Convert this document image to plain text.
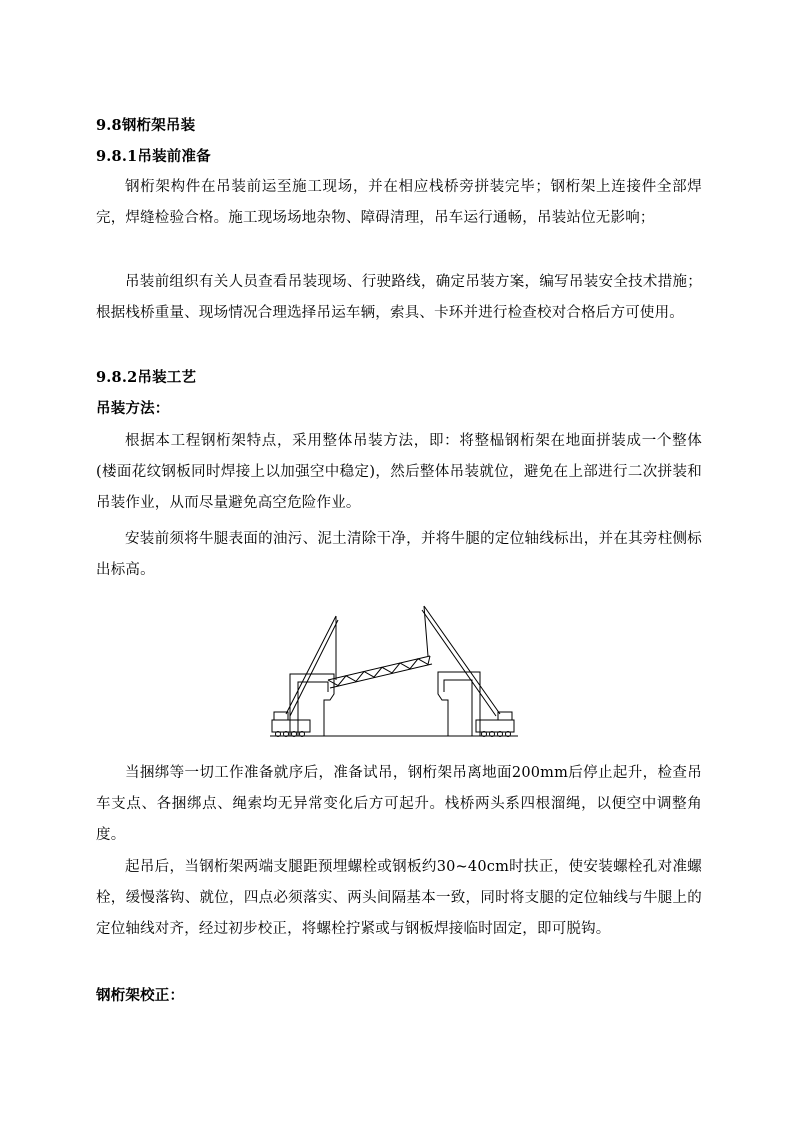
9.8钢桁架吊装
9.8.1吊装前准备
钢桁架构件在吊装前运至施工现场，并在相应栈桥旁拼装完毕；钢桁架上连接件全部焊完，焊缝检验合格。施工现场场地杂物、障碍清理，吊车运行通畅，吊装站位无影响；
吊装前组织有关人员查看吊装现场、行驶路线，确定吊装方案，编写吊装安全技术措施；根据栈桥重量、现场情况合理选择吊运车辆，索具、卡环并进行检查校对合格后方可使用。
9.8.2吊装工艺
吊装方法：
根据本工程钢桁架特点，采用整体吊装方法，即：将整榀钢桁架在地面拼装成一个整体(楼面花纹钢板同时焊接上以加强空中稳定)，然后整体吊装就位，避免在上部进行二次拼装和吊装作业，从而尽量避免高空危险作业。
安装前须将牛腿表面的油污、泥土清除干净，并将牛腿的定位轴线标出，并在其旁柱侧标出标高。
当捆绑等一切工作准备就序后，准备试吊，钢桁架吊离地面200mm后停止起升，检查吊车支点、各捆绑点、绳索均无异常变化后方可起升。栈桥两头系四根溜绳，以便空中调整角度。
起吊后，当钢桁架两端支腿距预埋螺栓或钢板约30~40cm时扶正，使安装螺栓孔对准螺栓，缓慢落钩、就位，四点必须落实、两头间隔基本一致，同时将支腿的定位轴线与牛腿上的定位轴线对齐，经过初步校正，将螺栓拧紧或与钢板焊接临时固定，即可脱钩。
钢桁架校正：
